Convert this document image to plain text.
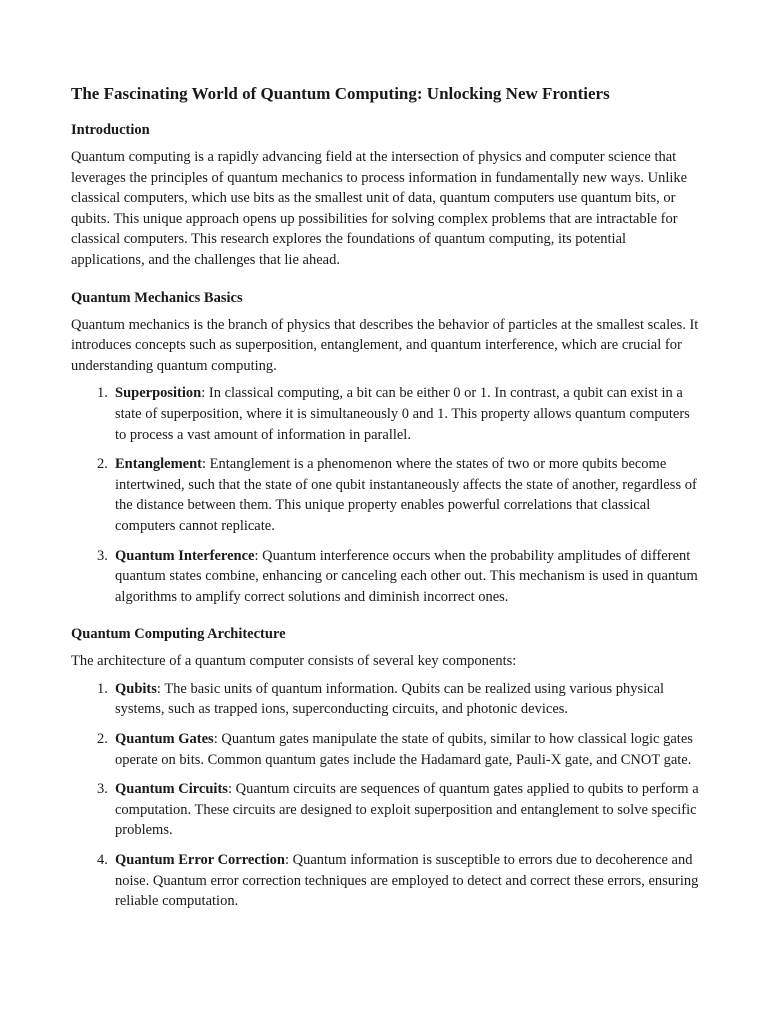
The Fascinating World of Quantum Computing: Unlocking New Frontiers
Introduction

Quantum computing is a rapidly advancing field at the intersection of physics and computer science that leverages the principles of quantum mechanics to process information in fundamentally new ways. Unlike classical computers, which use bits as the smallest unit of data, quantum computers use quantum bits, or qubits. This unique approach opens up possibilities for solving complex problems that are intractable for classical computers. This research explores the foundations of quantum computing, its potential applications, and the challenges that lie ahead.

Quantum Mechanics Basics

Quantum mechanics is the branch of physics that describes the behavior of particles at the smallest scales. It introduces concepts such as superposition, entanglement, and quantum interference, which are crucial for understanding quantum computing.

1. Superposition: In classical computing, a bit can be either 0 or 1. In contrast, a qubit can exist in a state of superposition, where it is simultaneously 0 and 1. This property allows quantum computers to process a vast amount of information in parallel.
2. Entanglement: Entanglement is a phenomenon where the states of two or more qubits become intertwined, such that the state of one qubit instantaneously affects the state of another, regardless of the distance between them. This unique property enables powerful correlations that classical computers cannot replicate.
3. Quantum Interference: Quantum interference occurs when the probability amplitudes of different quantum states combine, enhancing or canceling each other out. This mechanism is used in quantum algorithms to amplify correct solutions and diminish incorrect ones.
Quantum Computing Architecture

The architecture of a quantum computer consists of several key components:

1. Qubits: The basic units of quantum information. Qubits can be realized using various physical systems, such as trapped ions, superconducting circuits, and photonic devices.
2. Quantum Gates: Quantum gates manipulate the state of qubits, similar to how classical logic gates operate on bits. Common quantum gates include the Hadamard gate, Pauli-X gate, and CNOT gate.
3. Quantum Circuits: Quantum circuits are sequences of quantum gates applied to qubits to perform a computation. These circuits are designed to exploit superposition and entanglement to solve specific problems.
4. Quantum Error Correction: Quantum information is susceptible to errors due to decoherence and noise. Quantum error correction techniques are employed to detect and correct these errors, ensuring reliable computation.
